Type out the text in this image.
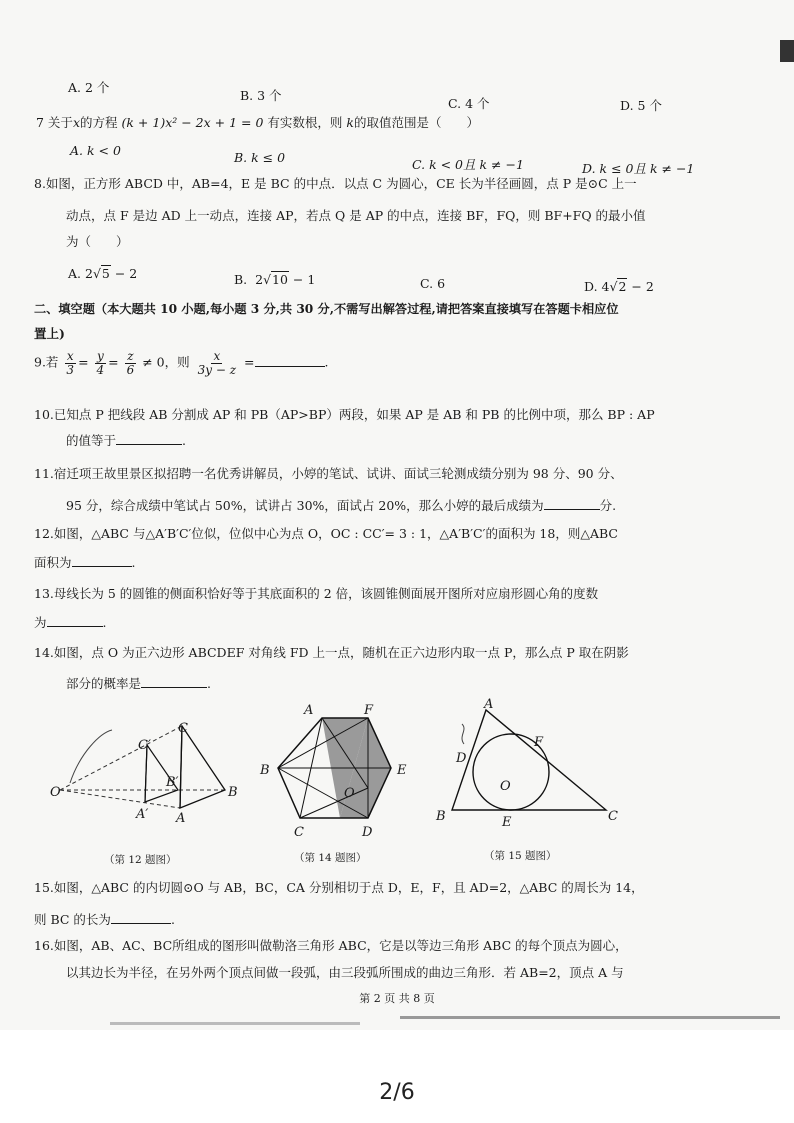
A. 2 个
B. 3 个
C. 4 个	D. 5 个
7 关于x的方程 (k + 1)x² − 2x + 1 = 0 有实数根，则 k的取值范围是（　　）
A. k < 0	B. k ≤ 0	C. k < 0且 k ≠ −1	D. k ≤ 0且 k ≠ −1
8.如图，正方形 ABCD 中，AB=4，E 是 BC 的中点．以点 C 为圆心，CE 长为半径画圆，点 P 是⊙C 上一
动点，点 F 是边 AD 上一动点，连接 AP，若点 Q 是 AP 的中点，连接 BF，FQ，则 BF+FQ 的最小值
为（　　）
A. 2√5 − 2	B. 2√10 − 1	C. 6	D. 4√2 − 2
二、填空题（本大题共 10 小题,每小题 3 分,共 30 分,不需写出解答过程,请把答案直接填写在答题卡相应位
置上)
9.若 $\frac{x}{3} = \frac{y}{4} = \frac{z}{6} \ne 0$，则 $\frac{x}{3y - z}$ =	.
10.已知点 P 把线段 AB 分割成 AP 和 PB（AP>BP）两段，如果 AP 是 AB 和 PB 的比例中项，那么 BP : AP
的值等于	.
11.宿迁项王故里景区拟招聘一名优秀讲解员，小婷的笔试、试讲、面试三轮测成绩分别为 98 分、90 分、
95 分，综合成绩中笔试占 50%，试讲占 30%，面试占 20%，那么小婷的最后成绩为	分.
12.如图，△ABC 与△A′B′C′位似，位似中心为点 O，OC : CC′= 3 : 1，△A′B′C′的面积为 18，则△ABC
面积为	.
13.母线长为 5 的圆锥的侧面积恰好等于其底面积的 2 倍，该圆锥侧面展开图所对应扇形圆心角的度数
为	.
14.如图，点 O 为正六边形 ABCDEF 对角线 FD 上一点，随机在正六边形内取一点 P，那么点 P 取在阴影
部分的概率是	.
O
C
B
A
C′
B′
A′
（第 12 题图）
A	F
B	E
C	D
O
（第 14 题图）
A
D
F
O
B	E	C
（第 15 题图）
15.如图，△ABC 的内切圆⊙O 与 AB，BC，CA 分别相切于点 D，E，F，且 AD=2，△ABC 的周长为 14，
则 BC 的长为	.
16.如图，AB、AC、BC所组成的图形叫做勒洛三角形 ABC，它是以等边三角形 ABC 的每个顶点为圆心，
以其边长为半径，在另外两个顶点间做一段弧，由三段弧所围成的曲边三角形．若 AB=2，顶点 A 与
第 2 页 共 8 页
2/6
